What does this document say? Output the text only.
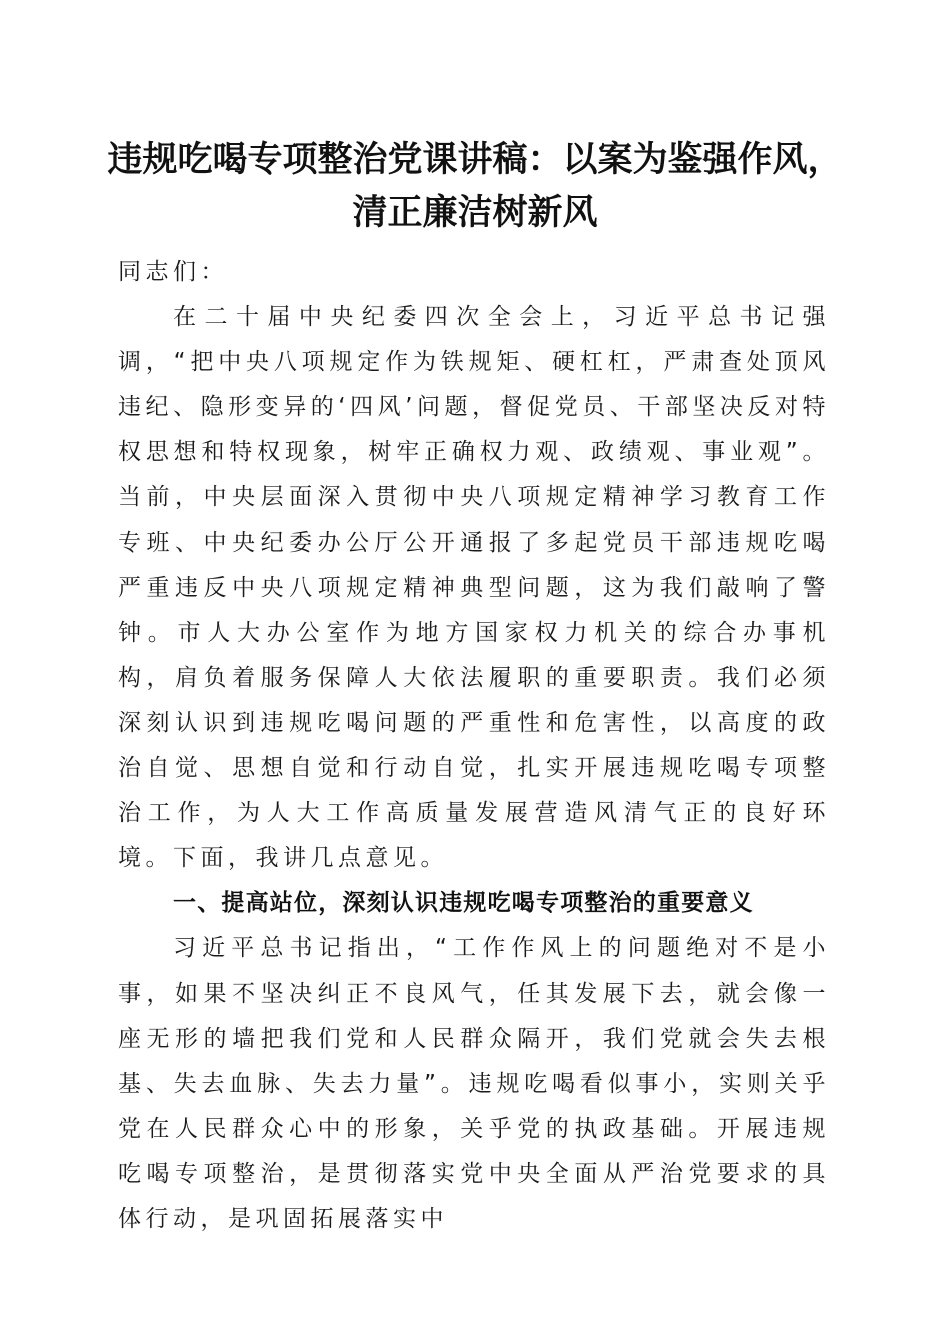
违规吃喝专项整治党课讲稿：以案为鉴强作风，
清正廉洁树新风

同志们：

在二十届中央纪委四次全会上，习近平总书记强调，“把中央八项规定作为铁规矩、硬杠杠，严肃查处顶风违纪、隐形变异的‘四风’问题，督促党员、干部坚决反对特权思想和特权现象，树牢正确权力观、政绩观、事业观”。当前，中央层面深入贯彻中央八项规定精神学习教育工作专班、中央纪委办公厅公开通报了多起党员干部违规吃喝严重违反中央八项规定精神典型问题，这为我们敲响了警钟。市人大办公室作为地方国家权力机关的综合办事机构，肩负着服务保障人大依法履职的重要职责。我们必须深刻认识到违规吃喝问题的严重性和危害性，以高度的政治自觉、思想自觉和行动自觉，扎实开展违规吃喝专项整治工作，为人大工作高质量发展营造风清气正的良好环境。下面，我讲几点意见。

一、提高站位，深刻认识违规吃喝专项整治的重要意义

习近平总书记指出，“工作作风上的问题绝对不是小事，如果不坚决纠正不良风气，任其发展下去，就会像一座无形的墙把我们党和人民群众隔开，我们党就会失去根基、失去血脉、失去力量”。违规吃喝看似事小，实则关乎党在人民群众心中的形象，关乎党的执政基础。开展违规吃喝专项整治，是贯彻落实党中央全面从严治党要求的具体行动，是巩固拓展落实中
